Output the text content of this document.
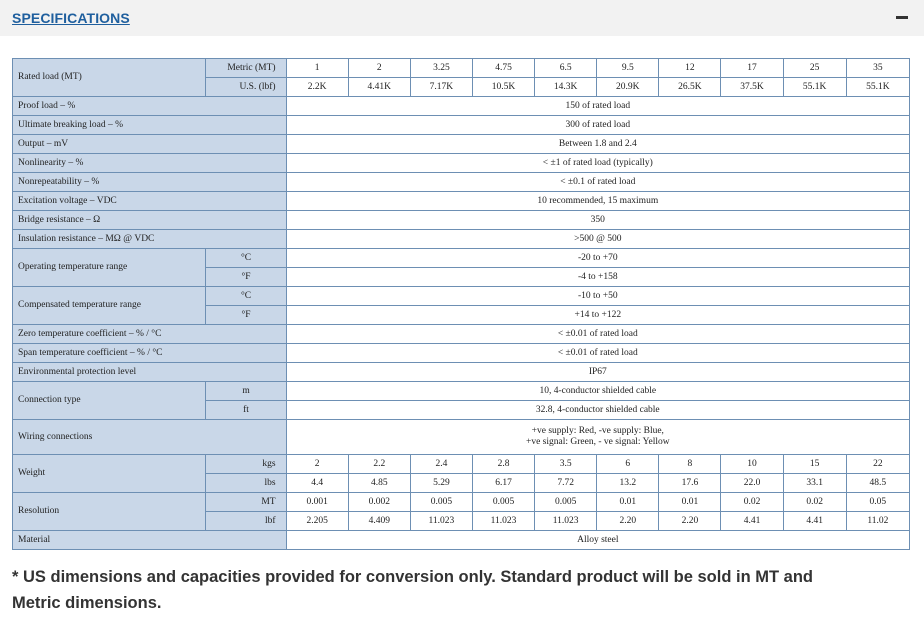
SPECIFICATIONS
Rated load (MT)	Metric (MT)	1	2	3.25	4.75	6.5	9.5	12	17	25	35
	U.S. (lbf)	2.2K	4.41K	7.17K	10.5K	14.3K	20.9K	26.5K	37.5K	55.1K	55.1K
Proof load – %		150 of rated load									
Ultimate breaking load – %		300 of rated load									
Output – mV		Between 1.8 and 2.4									
Nonlinearity – %		< ±1 of rated load (typically)									
Nonrepeatability – %		< ±0.1 of rated load									
Excitation voltage – VDC		10 recommended, 15 maximum									
Bridge resistance – Ω		350									
Insulation resistance – MΩ @ VDC		>500 @ 500									
Operating temperature range	°C	-20 to +70									
	°F	-4 to +158									
Compensated temperature range	°C	-10 to +50									
	°F	+14 to +122									
Zero temperature coefficient – % / °C		< ±0.01 of rated load									
Span temperature coefficient – % / °C		< ±0.01 of rated load									
Environmental protection level		IP67									
Connection type	m	10, 4-conductor shielded cable									
	ft	32.8, 4-conductor shielded cable									
Wiring connections		+ve supply: Red, -ve supply: Blue,
+ve signal: Green, - ve signal: Yellow									

Weight	kgs	2	2.2	2.4	2.8	3.5	6	8	10	15	22
	lbs	4.4	4.85	5.29	6.17	7.72	13.2	17.6	22.0	33.1	48.5
Resolution	MT	0.001	0.002	0.005	0.005	0.005	0.01	0.01	0.02	0.02	0.05
	lbf	2.205	4.409	11.023	11.023	11.023	2.20	2.20	4.41	4.41	11.02
Material		Alloy steel									
* US dimensions and capacities provided for conversion only. Standard product will be sold in MT and
Metric dimensions.
